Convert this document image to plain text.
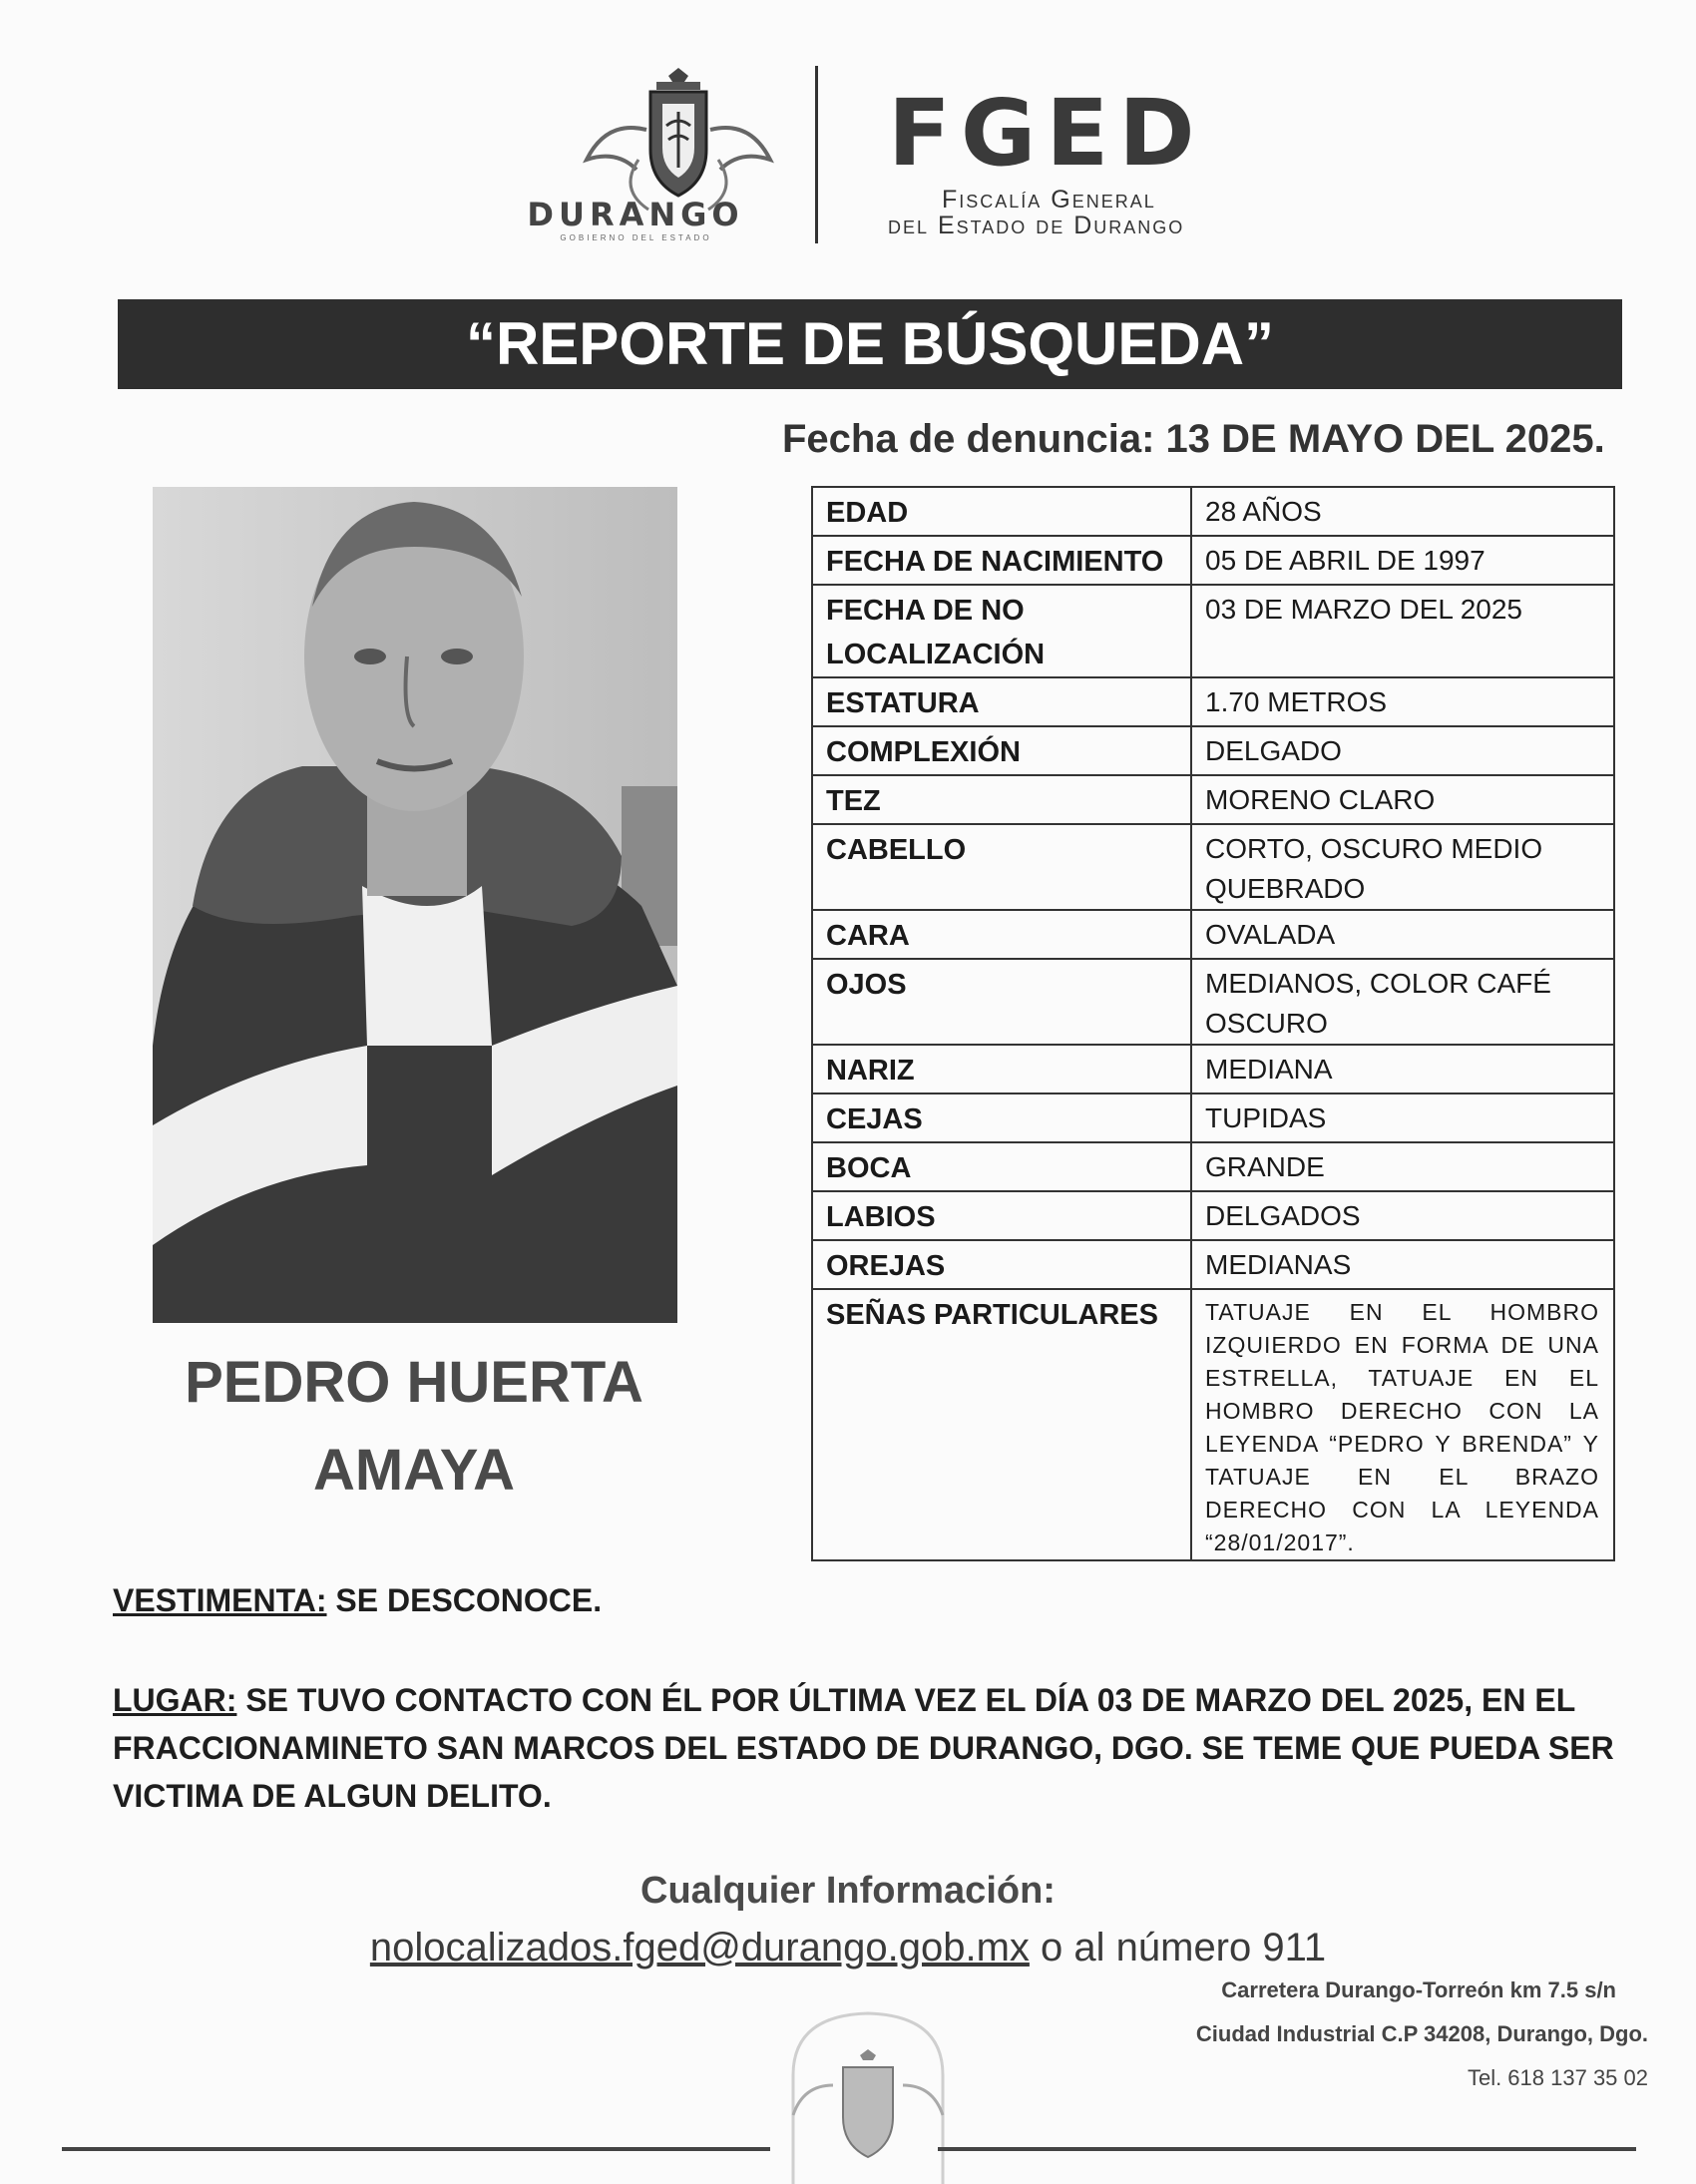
DURANGO
GOBIERNO DEL ESTADO
FGED
Fiscalía General
del Estado de Durango
“REPORTE DE BÚSQUEDA”
Fecha de denuncia: 13 DE MAYO DEL 2025.
PEDRO HUERTA
AMAYA
EDAD	28 AÑOS
FECHA DE NACIMIENTO	05 DE ABRIL DE 1997
FECHA DE NO LOCALIZACIÓN	03 DE MARZO DEL 2025
ESTATURA	1.70 METROS
COMPLEXIÓN	DELGADO
TEZ	MORENO CLARO
CABELLO	CORTO, OSCURO MEDIO QUEBRADO
CARA	OVALADA
OJOS	MEDIANOS, COLOR CAFÉ OSCURO
NARIZ	MEDIANA
CEJAS	TUPIDAS
BOCA	GRANDE
LABIOS	DELGADOS
OREJAS	MEDIANAS
SEÑAS PARTICULARES	TATUAJE EN EL HOMBRO IZQUIERDO EN FORMA DE UNA ESTRELLA, TATUAJE EN EL HOMBRO DERECHO CON LA LEYENDA “PEDRO Y BRENDA” Y TATUAJE EN EL BRAZO DERECHO CON LA LEYENDA “28/01/2017”.
VESTIMENTA: SE DESCONOCE.
LUGAR: SE TUVO CONTACTO CON ÉL POR ÚLTIMA VEZ EL DÍA 03 DE MARZO DEL 2025, EN EL FRACCIONAMINETO SAN MARCOS DEL ESTADO DE DURANGO, DGO. SE TEME QUE PUEDA SER VICTIMA DE ALGUN DELITO.
Cualquier Información:
nolocalizados.fged@durango.gob.mx o al número 911
Carretera Durango-Torreón km 7.5 s/n
Ciudad Industrial C.P 34208, Durango, Dgo.
Tel. 618 137 35 02
